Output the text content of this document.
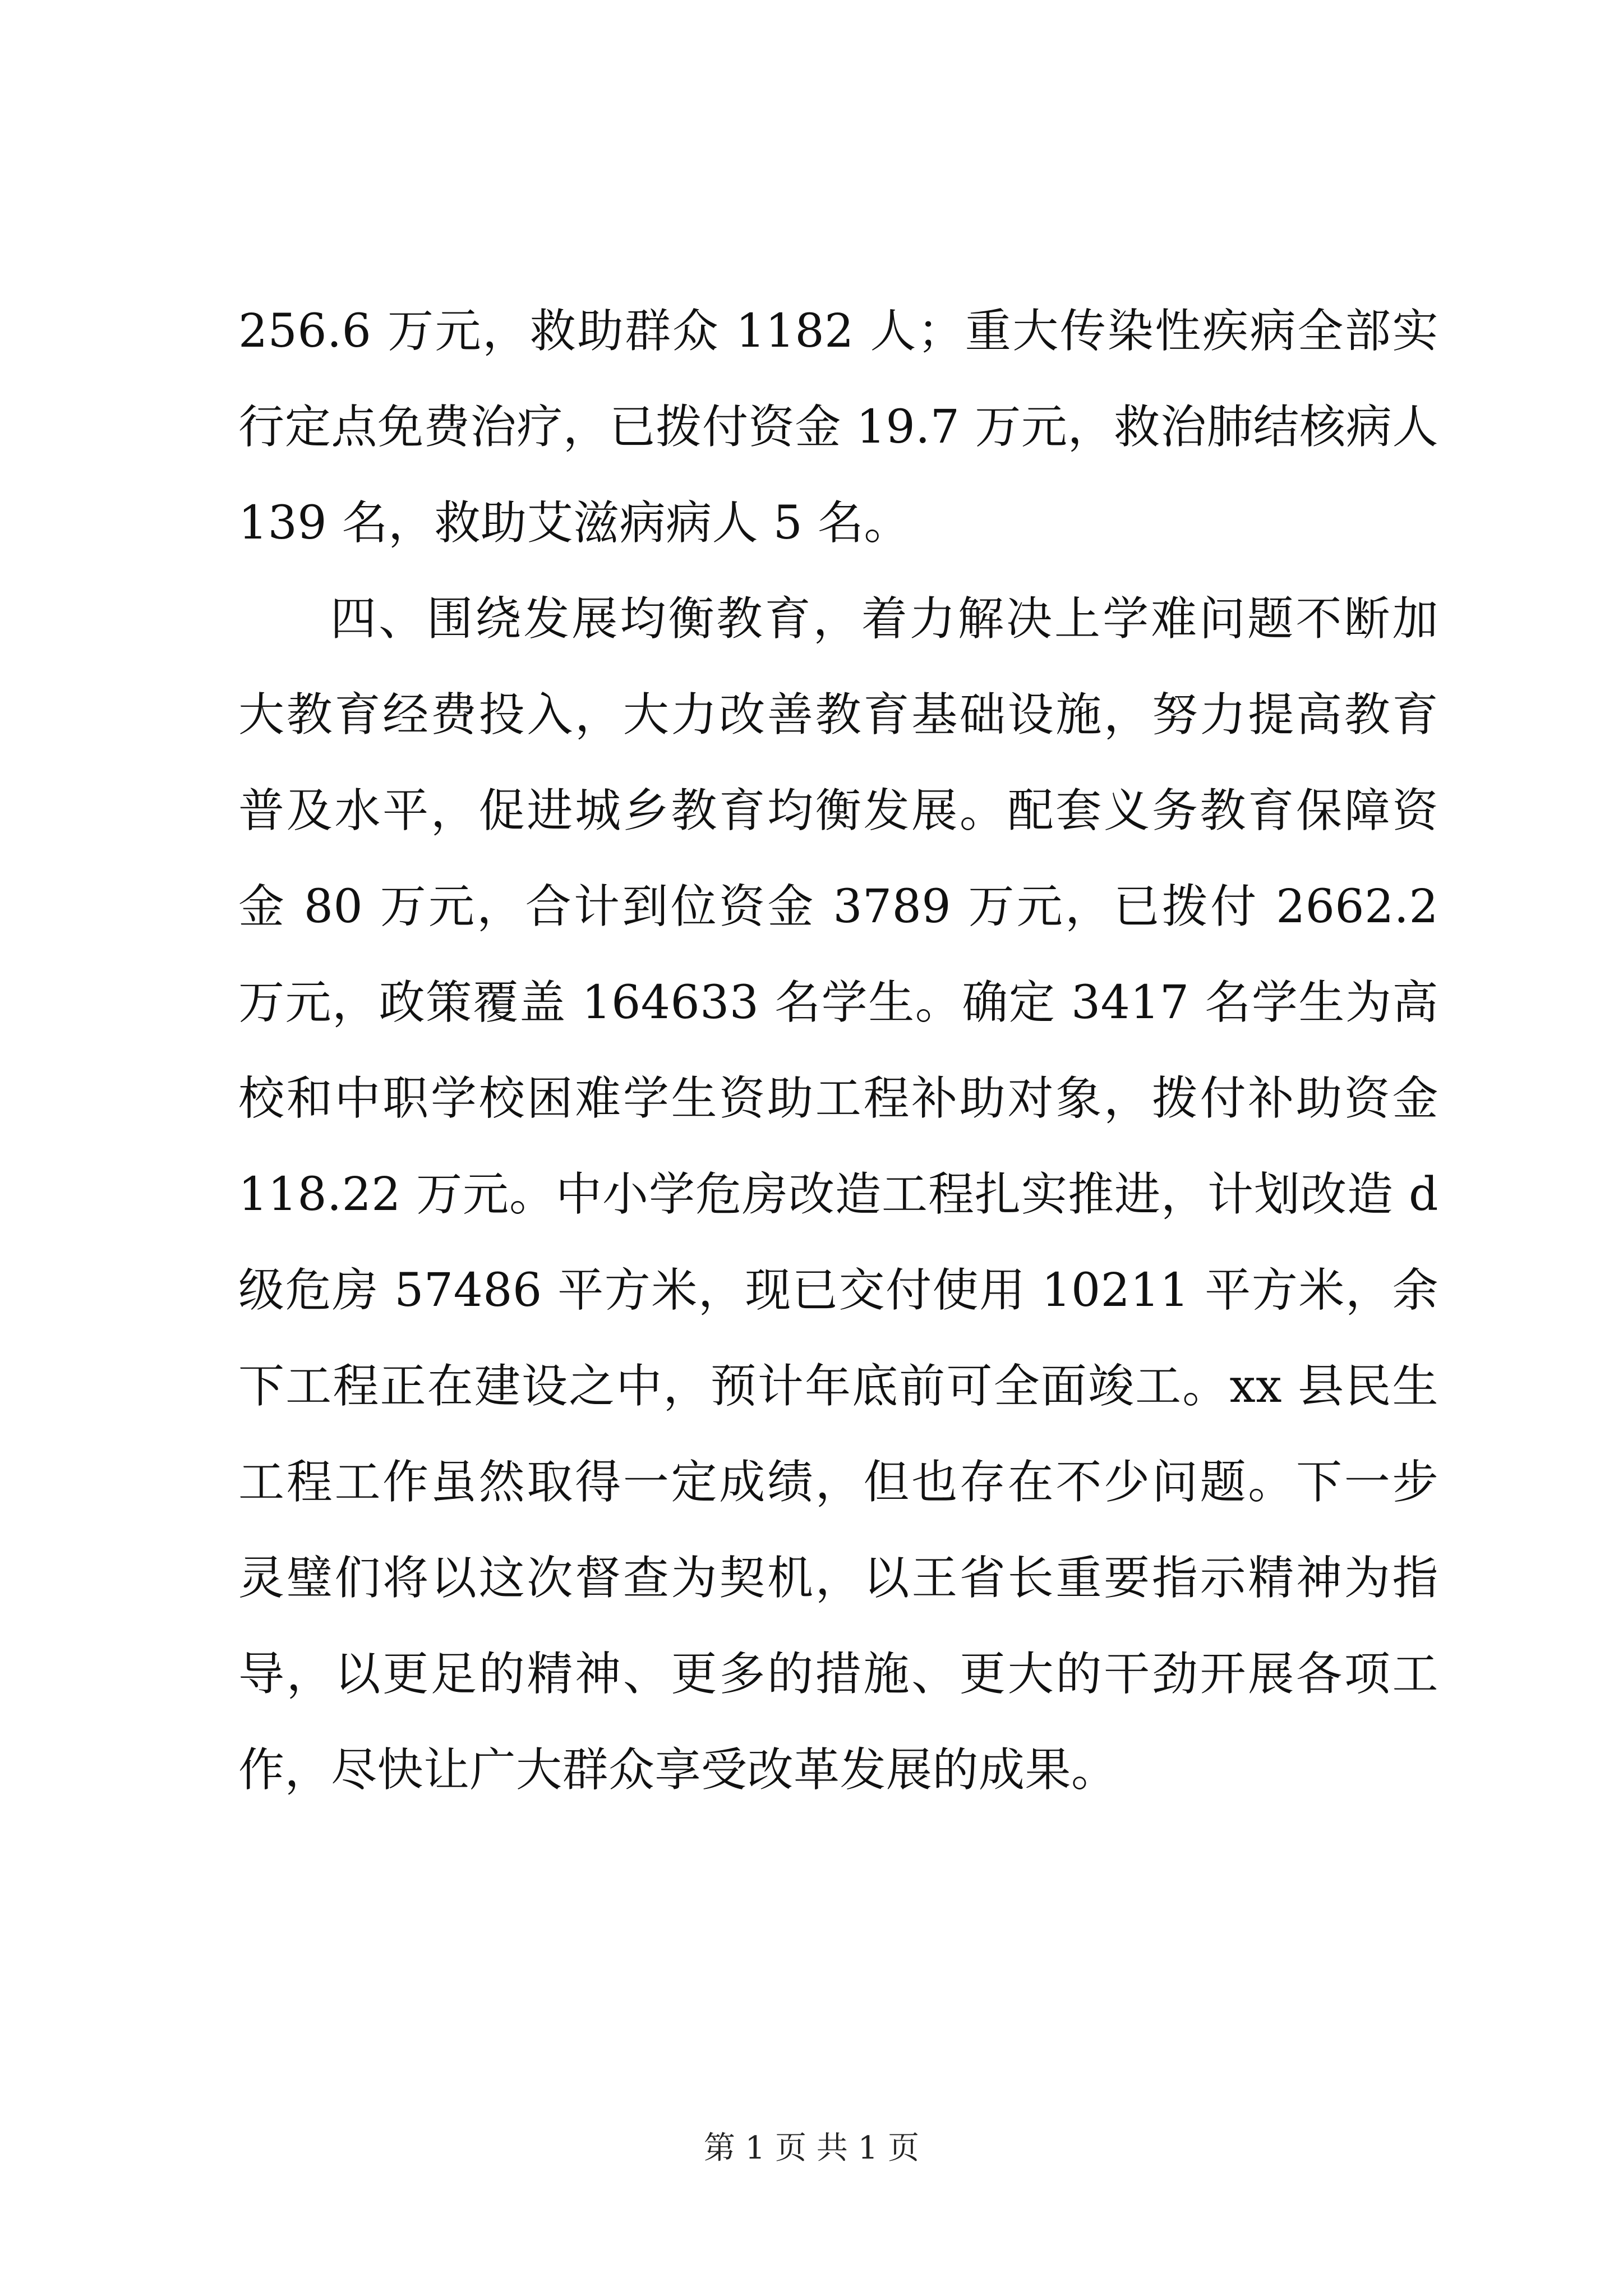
256.6 万元，救助群众 1182 人；重大传染性疾病全部实行定点免费治疗，已拨付资金 19.7 万元，救治肺结核病人 139 名，救助艾滋病病人 5 名。

四、围绕发展均衡教育，着力解决上学难问题不断加大教育经费投入，大力改善教育基础设施，努力提高教育普及水平，促进城乡教育均衡发展。配套义务教育保障资金 80 万元，合计到位资金 3789 万元，已拨付 2662.2 万元，政策覆盖 164633 名学生。确定 3417 名学生为高校和中职学校困难学生资助工程补助对象，拨付补助资金 118.22 万元。中小学危房改造工程扎实推进，计划改造 d 级危房 57486 平方米，现已交付使用 10211 平方米，余下工程正在建设之中，预计年底前可全面竣工。xx 县民生工程工作虽然取得一定成绩，但也存在不少问题。下一步灵璧们将以这次督查为契机，以王省长重要指示精神为指导，以更足的精神、更多的措施、更大的干劲开展各项工作，尽快让广大群众享受改革发展的成果。

第 1 页 共 1 页
